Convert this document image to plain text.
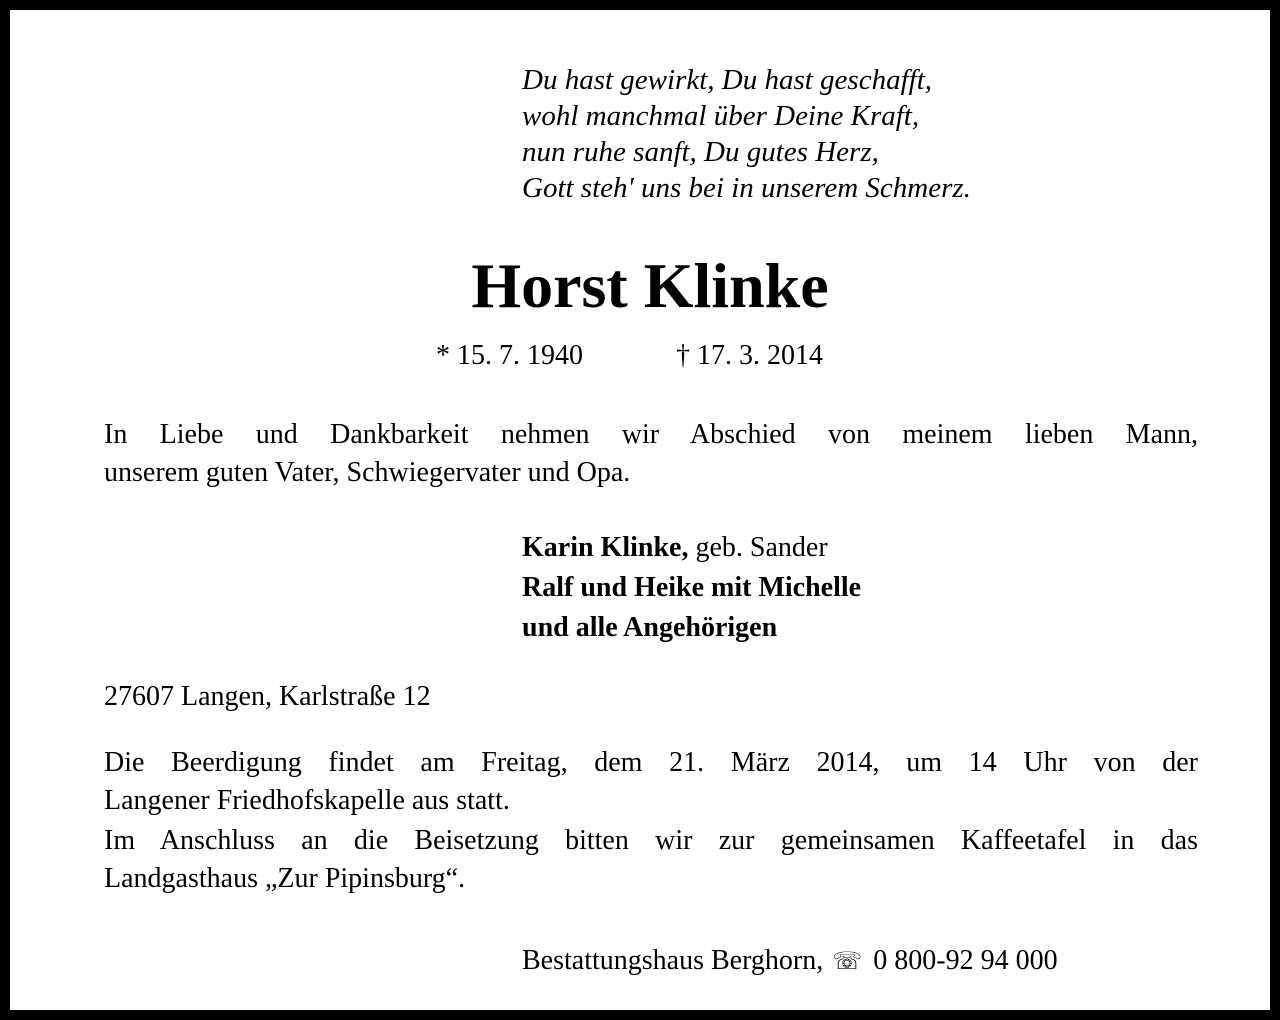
Du hast gewirkt, Du hast geschafft,
wohl manchmal über Deine Kraft,
nun ruhe sanft, Du gutes Herz,
Gott steh' uns bei in unserem Schmerz.
Horst Klinke
* 15. 7. 1940	† 17. 3. 2014
In Liebe und Dankbarkeit nehmen wir Abschied von meinem lieben Mann,
unserem guten Vater, Schwiegervater und Opa.
Karin Klinke, geb. Sander
Ralf und Heike mit Michelle
und alle Angehörigen
27607 Langen, Karlstraße 12
Die Beerdigung findet am Freitag, dem 21. März 2014, um 14 Uhr von der
Langener Friedhofskapelle aus statt.
Im Anschluss an die Beisetzung bitten wir zur gemeinsamen Kaffeetafel in das
Landgasthaus „Zur Pipinsburg“.
Bestattungshaus Berghorn, ☏ 0 800-92 94 000
